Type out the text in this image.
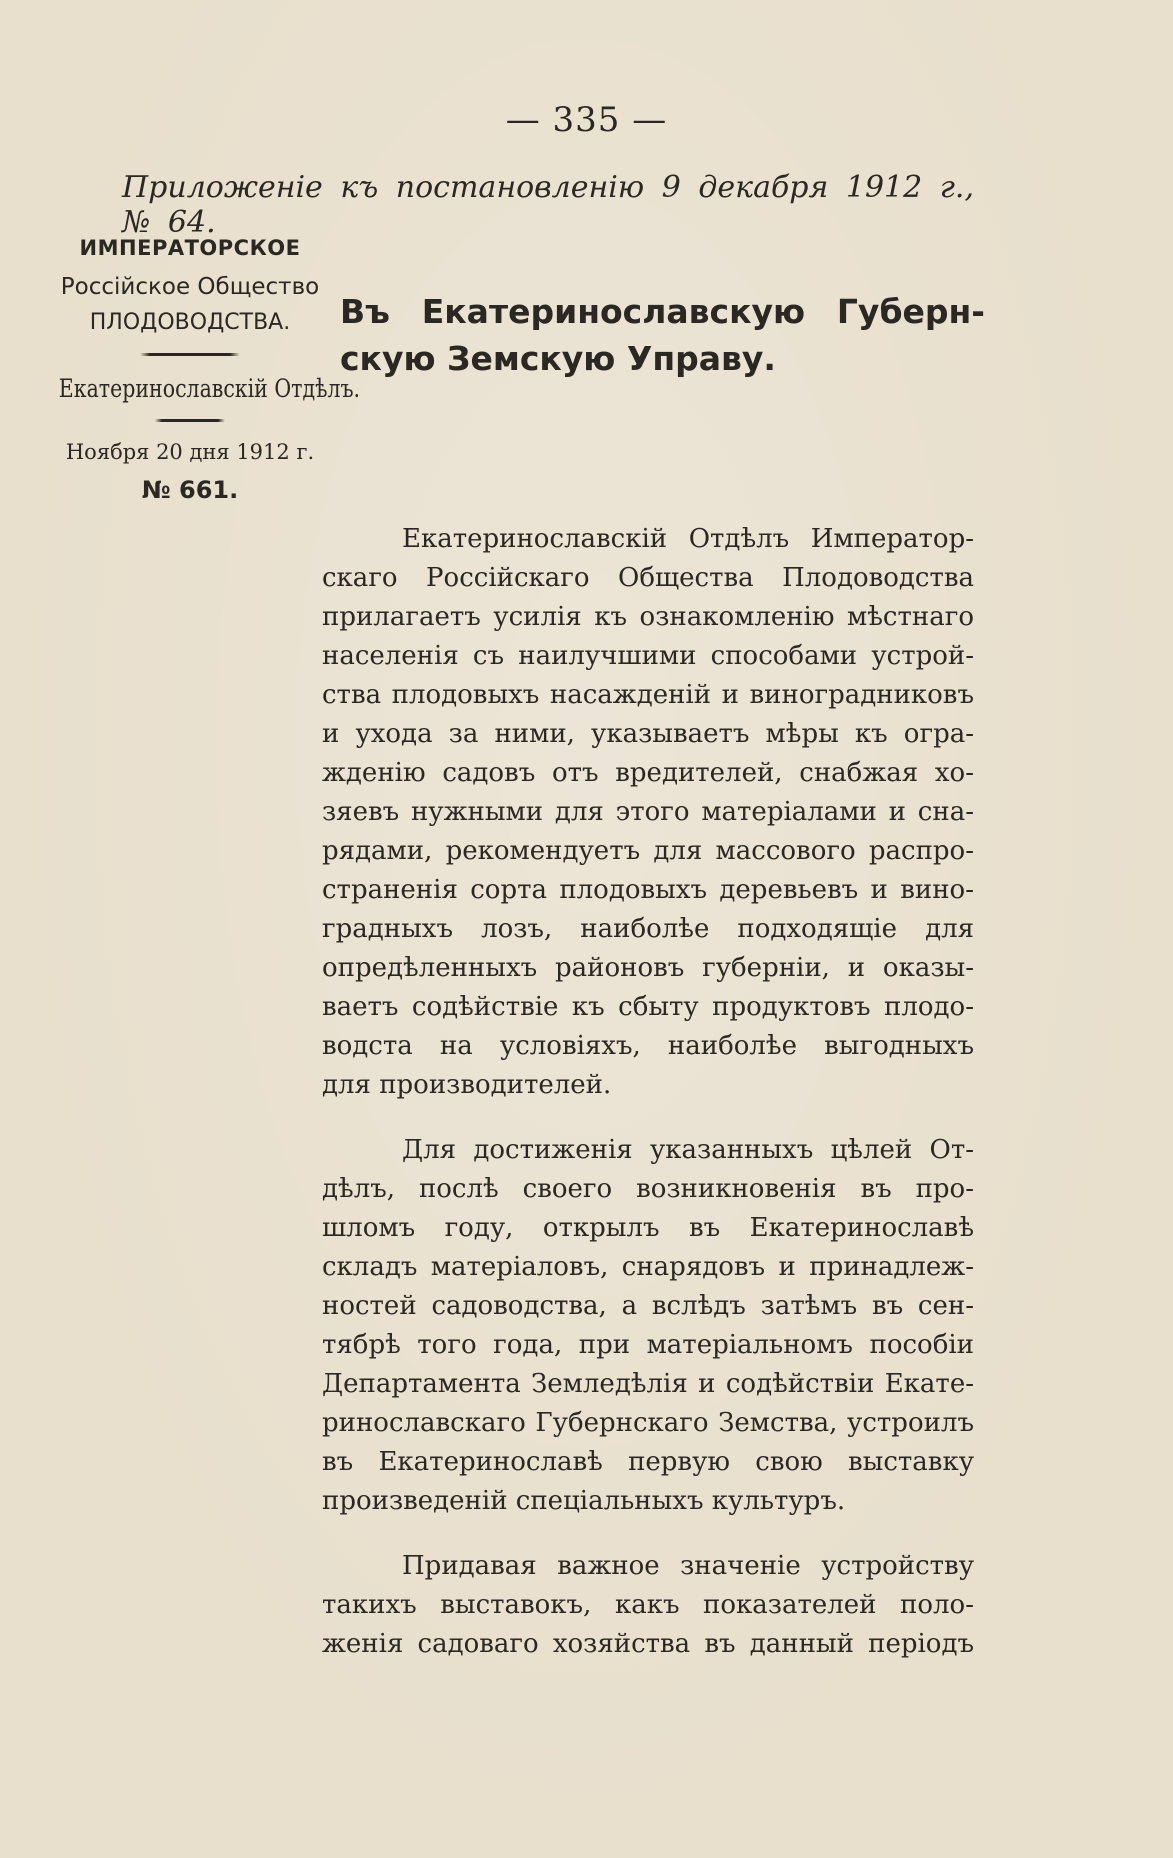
— 335 —
Приложенiе къ постановленiю 9 декабря 1912 г., № 64.
ИМПЕРАТОРСКОЕ
Россiйское Общество
ПЛОДОВОДСТВА.
Екатеринославскiй Отдѣлъ.
Ноября 20 дня 1912 г.
№ 661.
Въ Екатеринославскую Губерн-
скую Земскую Управу.
Екатеринославскiй Отдѣлъ Император-
скаго Россiйскаго Общества Плодоводства
прилагаетъ усилiя къ ознакомленiю мѣстнаго
населенiя съ наилучшими способами устрой-
ства плодовыхъ насажденiй и виноградниковъ
и ухода за ними, указываетъ мѣры къ огра-
жденiю садовъ отъ вредителей, снабжая хо-
зяевъ нужными для этого матерiалами и сна-
рядами, рекомендуетъ для массового распро-
страненiя сорта плодовыхъ деревьевъ и вино-
градныхъ лозъ, наиболѣе подходящiе для
опредѣленныхъ районовъ губернiи, и оказы-
ваетъ содѣйствiе къ сбыту продуктовъ плодо-
водста на условiяхъ, наиболѣе выгодныхъ
для производителей.
Для достиженiя указанныхъ цѣлей От-
дѣлъ, послѣ своего возникновенiя въ про-
шломъ году, открылъ въ Екатеринославѣ
складъ матерiаловъ, снарядовъ и принадлеж-
ностей садоводства, а вслѣдъ затѣмъ въ сен-
тябрѣ того года, при матерiальномъ пособiи
Департамента Земледѣлiя и содѣйствiи Екате-
ринославскаго Губернскаго Земства, устроилъ
въ Екатеринославѣ первую свою выставку
произведенiй спецiальныхъ культуръ.
Придавая важное значенiе устройству
такихъ выставокъ, какъ показателей поло-
женiя садоваго хозяйства въ данный перiодъ
